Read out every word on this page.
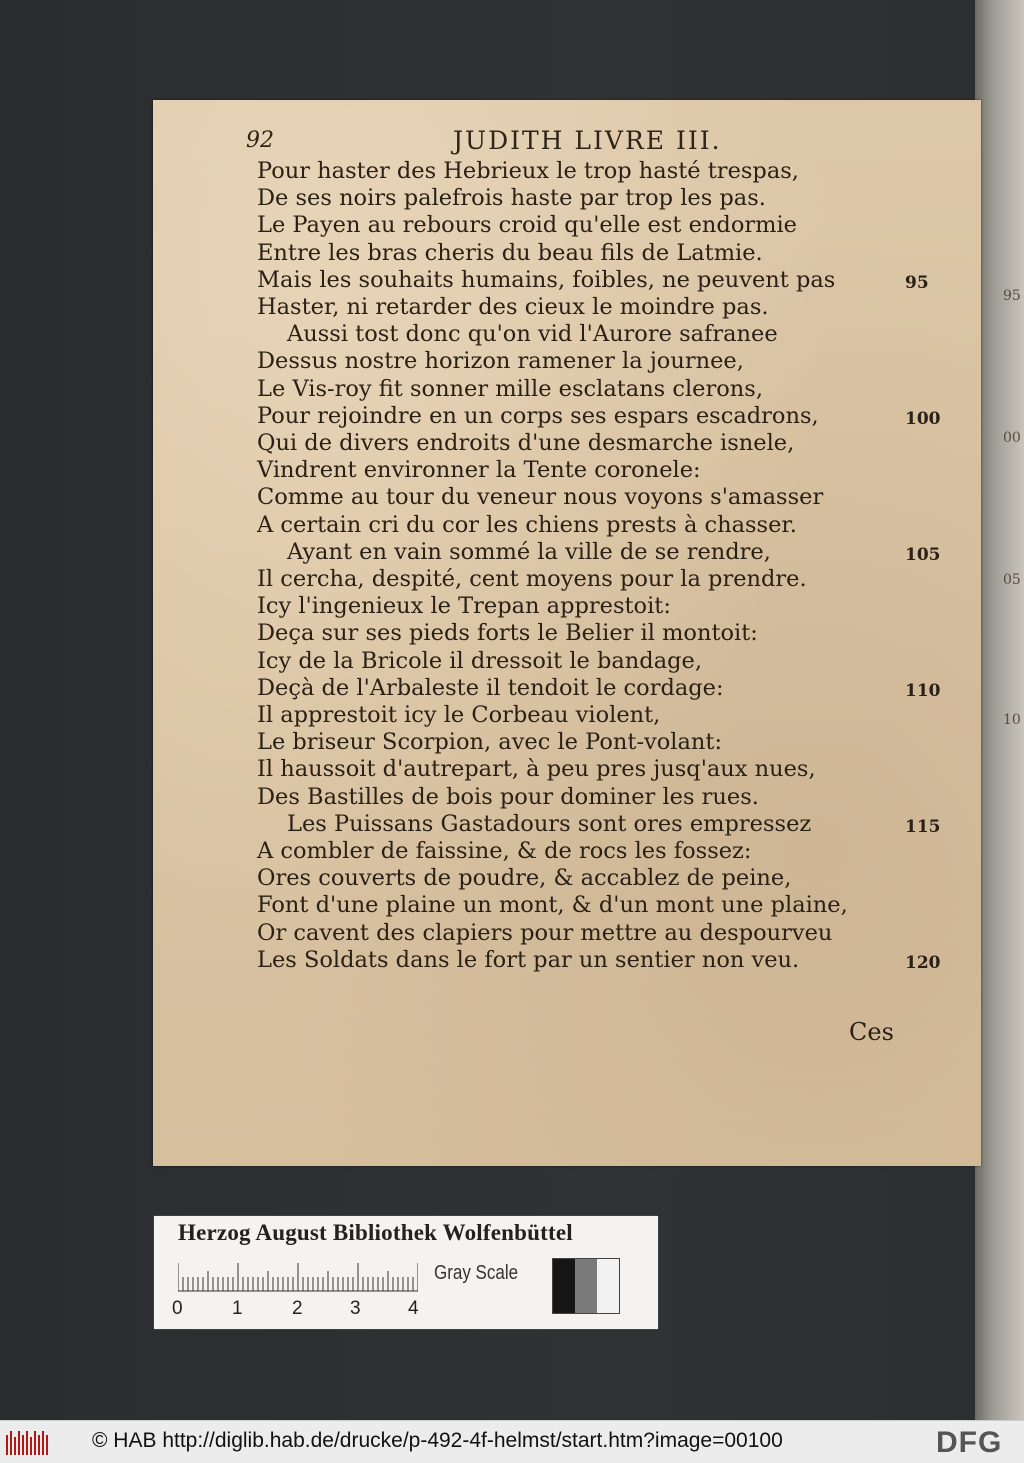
95
00
05
10
92	JUDITH LIVRE III.
Pour haster des Hebrieux le trop hasté trespas,
De ses noirs palefrois haste par trop les pas.
Le Payen au rebours croid qu'elle est endormie
Entre les bras cheris du beau fils de Latmie.
Mais les souhaits humains, foibles, ne peuvent pas	95
Haster, ni retarder des cieux le moindre pas.
Aussi tost donc qu'on vid l'Aurore safranee
Dessus nostre horizon ramener la journee,
Le Vis-roy fit sonner mille esclatans clerons,
Pour rejoindre en un corps ses espars escadrons,	100
Qui de divers endroits d'une desmarche isnele,
Vindrent environner la Tente coronele:
Comme au tour du veneur nous voyons s'amasser
A certain cri du cor les chiens prests à chasser.
Ayant en vain sommé la ville de se rendre,	105
Il cercha, despité, cent moyens pour la prendre.
Icy l'ingenieux le Trepan apprestoit:
Deça sur ses pieds forts le Belier il montoit:
Icy de la Bricole il dressoit le bandage,
Deçà de l'Arbaleste il tendoit le cordage:	110
Il apprestoit icy le Corbeau violent,
Le briseur Scorpion, avec le Pont-volant:
Il haussoit d'autrepart, à peu pres jusq'aux nues,
Des Bastilles de bois pour dominer les rues.
Les Puissans Gastadours sont ores empressez	115
A combler de faissine, & de rocs les fossez:
Ores couverts de poudre, & accablez de peine,
Font d'une plaine un mont, & d'un mont une plaine,
Or cavent des clapiers pour mettre au despourveu
Les Soldats dans le fort par un sentier non veu.	120
Ces
Herzog August Bibliothek Wolfenbüttel
0	1	2 3 4
Gray Scale
© HAB http://diglib.hab.de/drucke/p-492-4f-helmst/start.htm?image=00100	DFG
